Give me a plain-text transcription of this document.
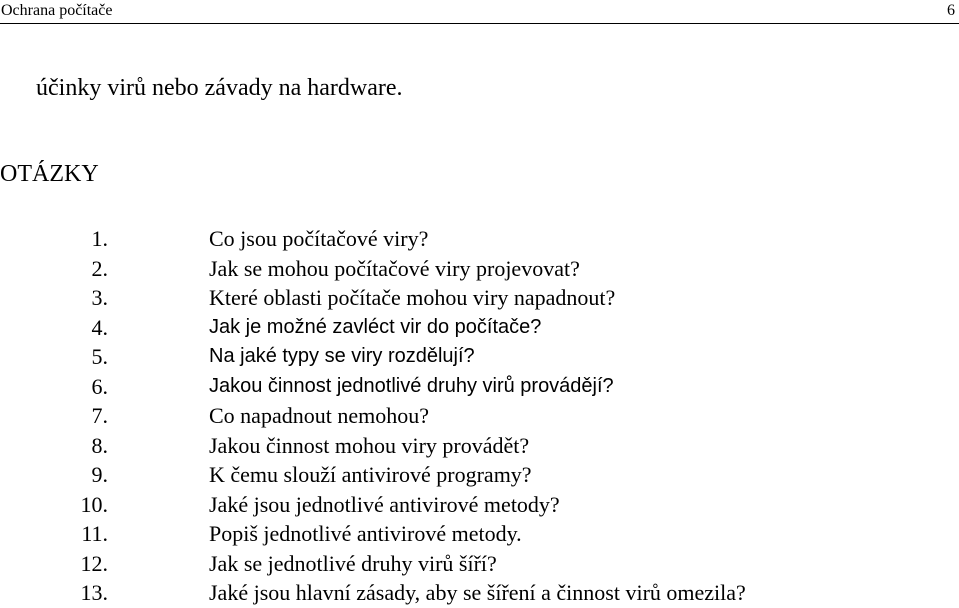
Ochrana počítače	6
účinky virů nebo závady na hardware.
OTÁZKY
1.	Co jsou počítačové viry?
2.	Jak se mohou počítačové viry projevovat?
3.	Které oblasti počítače mohou viry napadnout?
4.	Jak je možné zavléct vir do počítače?
5.	Na jaké typy se viry rozdělují?
6.	Jakou činnost jednotlivé druhy virů provádějí?
7.	Co napadnout nemohou?
8.	Jakou činnost mohou viry provádět?
9.	K čemu slouží antivirové programy?
10.	Jaké jsou jednotlivé antivirové metody?
11.	Popiš jednotlivé antivirové metody.
12.	Jak se jednotlivé druhy virů šíří?
13.	Jaké jsou hlavní zásady, aby se šíření a činnost virů omezila?
